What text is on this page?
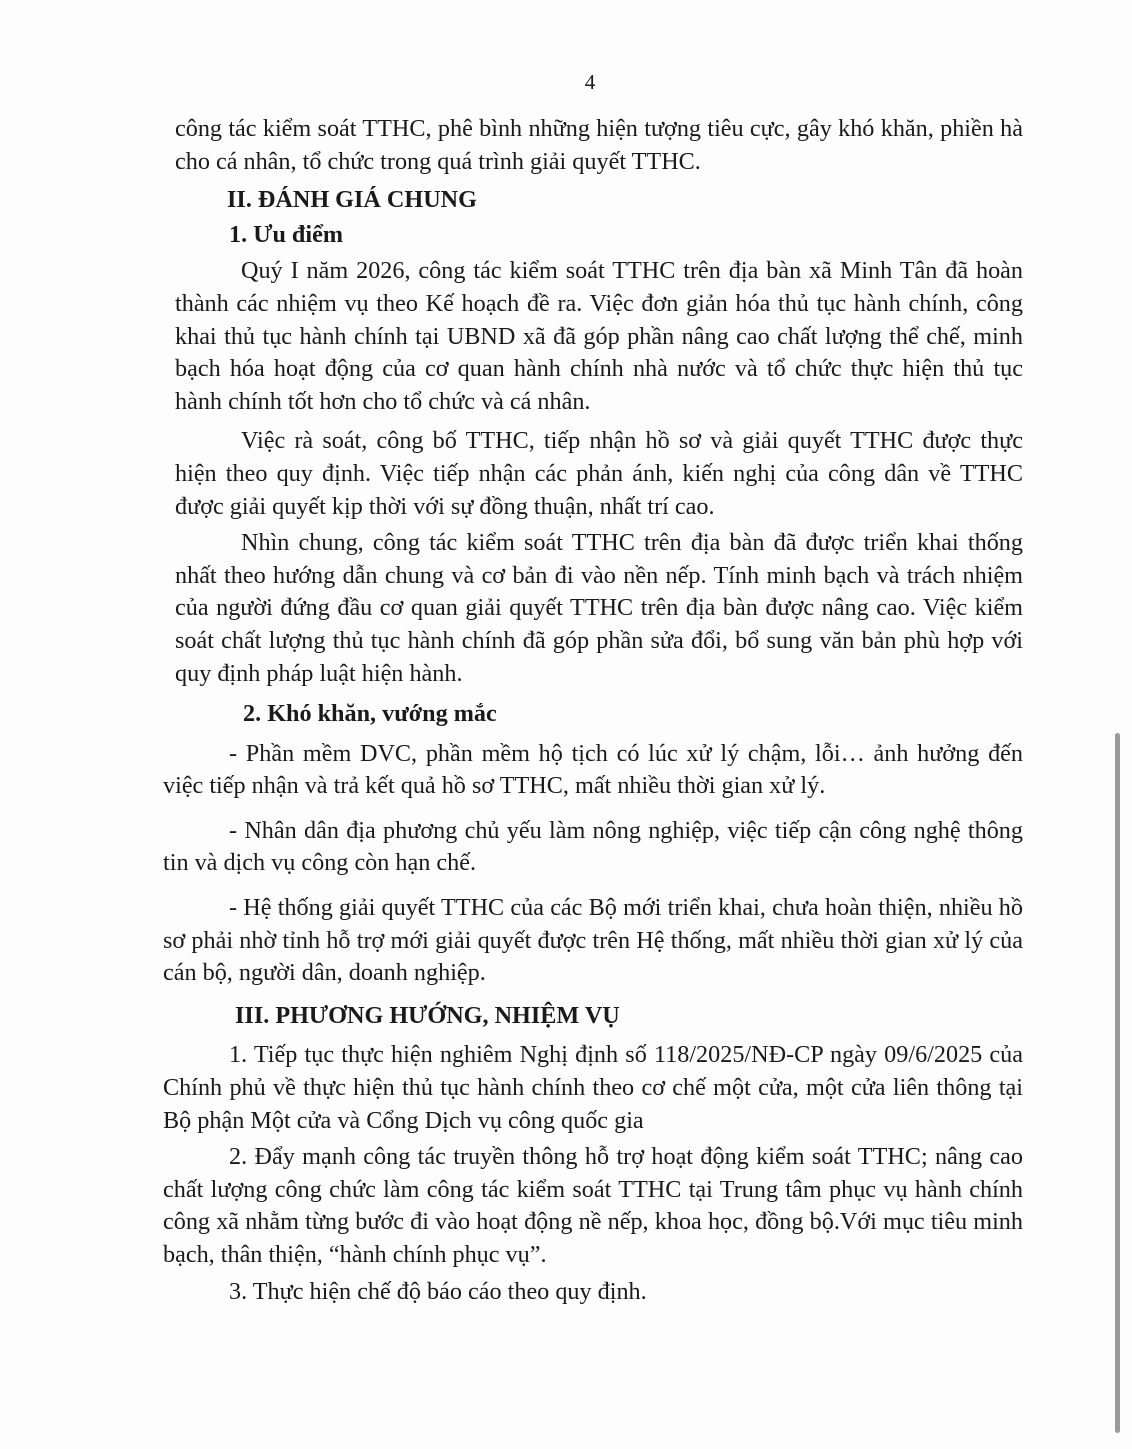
4

công tác kiểm soát TTHC, phê bình những hiện tượng tiêu cực, gây khó khăn, phiền hà cho cá nhân, tổ chức trong quá trình giải quyết TTHC.

II. ĐÁNH GIÁ CHUNG

1. Ưu điểm

Quý I năm 2026, công tác kiểm soát TTHC trên địa bàn xã Minh Tân đã hoàn thành các nhiệm vụ theo Kế hoạch đề ra. Việc đơn giản hóa thủ tục hành chính, công khai thủ tục hành chính tại UBND xã đã góp phần nâng cao chất lượng thể chế, minh bạch hóa hoạt động của cơ quan hành chính nhà nước và tổ chức thực hiện thủ tục hành chính tốt hơn cho tổ chức và cá nhân.

Việc rà soát, công bố TTHC, tiếp nhận hồ sơ và giải quyết TTHC được thực hiện theo quy định. Việc tiếp nhận các phản ánh, kiến nghị của công dân về TTHC được giải quyết kịp thời với sự đồng thuận, nhất trí cao.

Nhìn chung, công tác kiểm soát TTHC trên địa bàn đã được triển khai thống nhất theo hướng dẫn chung và cơ bản đi vào nền nếp. Tính minh bạch và trách nhiệm của người đứng đầu cơ quan giải quyết TTHC trên địa bàn được nâng cao. Việc kiểm soát chất lượng thủ tục hành chính đã góp phần sửa đổi, bổ sung văn bản phù hợp với quy định pháp luật hiện hành.

2. Khó khăn, vướng mắc

- Phần mềm DVC, phần mềm hộ tịch có lúc xử lý chậm, lỗi… ảnh hưởng đến việc tiếp nhận và trả kết quả hồ sơ TTHC, mất nhiều thời gian xử lý.

- Nhân dân địa phương chủ yếu làm nông nghiệp, việc tiếp cận công nghệ thông tin và dịch vụ công còn hạn chế.

- Hệ thống giải quyết TTHC của các Bộ mới triển khai, chưa hoàn thiện, nhiều hồ sơ phải nhờ tỉnh hỗ trợ mới giải quyết được trên Hệ thống, mất nhiều thời gian xử lý của cán bộ, người dân, doanh nghiệp.

III. PHƯƠNG HƯỚNG, NHIỆM VỤ

1. Tiếp tục thực hiện nghiêm Nghị định số 118/2025/NĐ-CP ngày 09/6/2025 của Chính phủ về thực hiện thủ tục hành chính theo cơ chế một cửa, một cửa liên thông tại Bộ phận Một cửa và Cổng Dịch vụ công quốc gia

2. Đẩy mạnh công tác truyền thông hỗ trợ hoạt động kiểm soát TTHC; nâng cao chất lượng công chức làm công tác kiểm soát TTHC tại Trung tâm phục vụ hành chính công xã nhằm từng bước đi vào hoạt động nề nếp, khoa học, đồng bộ.Với mục tiêu minh bạch, thân thiện, “hành chính phục vụ”.

3. Thực hiện chế độ báo cáo theo quy định.
